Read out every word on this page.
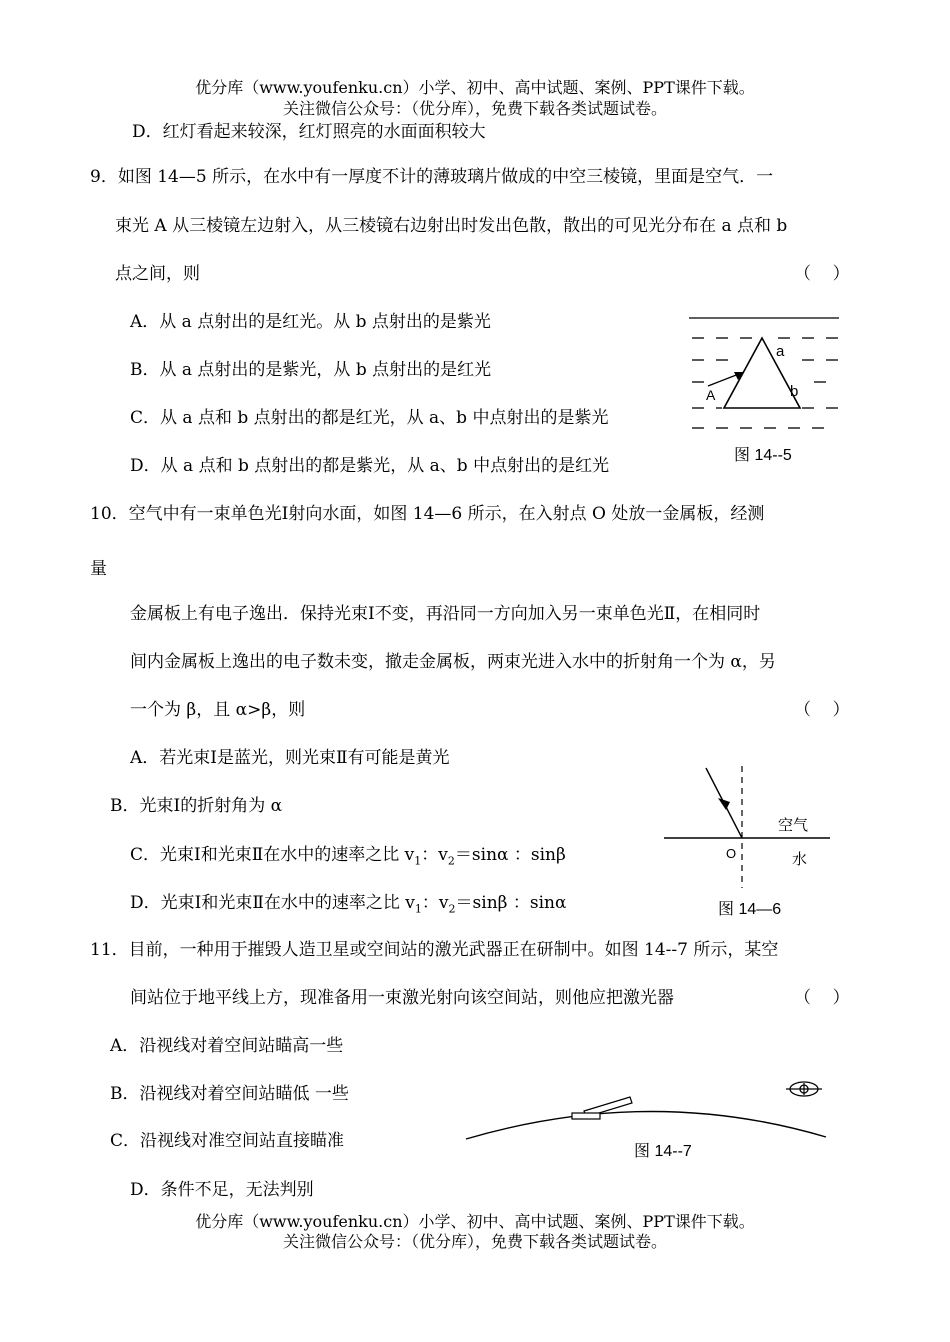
优分库（www.youfenku.cn）小学、初中、高中试题、案例、PPT课件下载。
关注微信公众号：（优分库），免费下载各类试题试卷。
D．红灯看起来较深，红灯照亮的水面面积较大
9．如图 14—5 所示，在水中有一厚度不计的薄玻璃片做成的中空三棱镜，里面是空气．一
束光 A 从三棱镜左边射入，从三棱镜右边射出时发出色散，散出的可见光分布在 a 点和 b
点之间，则	（    ）
A．从 a 点射出的是红光。从 b 点射出的是紫光
B．从 a 点射出的是紫光，从 b 点射出的是红光
C．从 a 点和 b 点射出的都是红光，从 a、b 中点射出的是紫光
D．从 a 点和 b 点射出的都是紫光，从 a、b 中点射出的是红光
a
b
A
图 14--5
10．空气中有一束单色光Ⅰ射向水面，如图 14—6 所示，在入射点 O 处放一金属板，经测
量
金属板上有电子逸出．保持光束Ⅰ不变，再沿同一方向加入另一束单色光Ⅱ，在相同时
间内金属板上逸出的电子数未变，撤走金属板，两束光进入水中的折射角一个为 α，另
一个为 β，且 α>β，则	（    ）
A．若光束Ⅰ是蓝光，则光束Ⅱ有可能是黄光
B．光束Ⅰ的折射角为 α
C．光束Ⅰ和光束Ⅱ在水中的速率之比 $v_1$：$v_2=\sin\alpha$ ：sinβ
D．光束Ⅰ和光束Ⅱ在水中的速率之比 $v_1$：$v_2=\sin\beta$ ：sinα
空气
水
O
图 14—6
11．目前，一种用于摧毁人造卫星或空间站的激光武器正在研制中。如图 14--7 所示，某空
间站位于地平线上方，现准备用一束激光射向该空间站，则他应把激光器	（    ）
A．沿视线对着空间站瞄高一些
B．沿视线对着空间站瞄低 一些
C．沿视线对准空间站直接瞄准
D．条件不足，无法判别
图 14--7
优分库（www.youfenku.cn）小学、初中、高中试题、案例、PPT课件下载。
关注微信公众号：（优分库），免费下载各类试题试卷。
